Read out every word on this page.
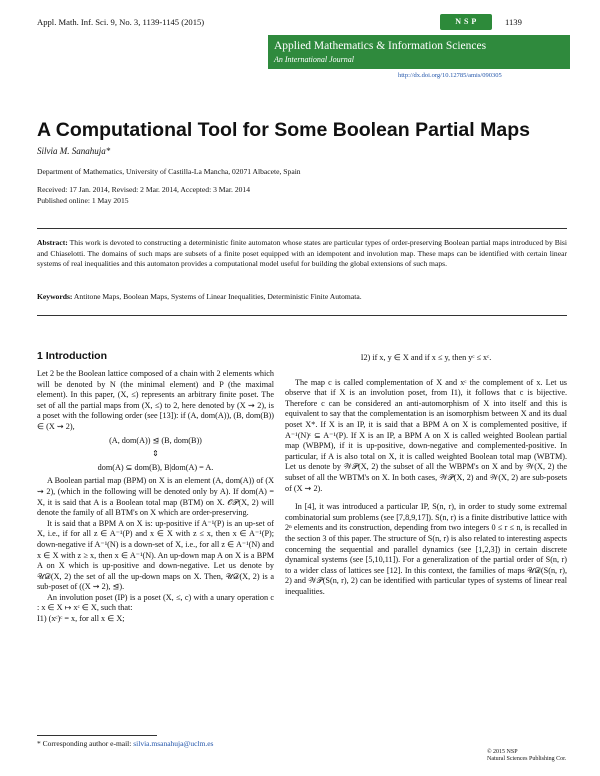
Appl. Math. Inf. Sci. 9, No. 3, 1139-1145 (2015)	N S P	1139
Applied Mathematics & Information Sciences
An International Journal
http://dx.doi.org/10.12785/amis/090305
A Computational Tool for Some Boolean Partial Maps
Silvia M. Sanahuja*
Department of Mathematics, University of Castilla-La Mancha, 02071 Albacete, Spain
Received: 17 Jan. 2014, Revised: 2 Mar. 2014, Accepted: 3 Mar. 2014
Published online: 1 May 2015
Abstract: This work is devoted to constructing a deterministic finite automaton whose states are particular types of order-preserving Boolean partial maps introduced by Bisi and Chiaselotti. The domains of such maps are subsets of a finite poset equipped with an idempotent and involution map. These maps can be identified with certain linear systems of real inequalities and this automaton provides a computational model useful for building the global extensions of such maps.
Keywords: Antitone Maps, Boolean Maps, Systems of Linear Inequalities, Deterministic Finite Automata.
1 Introduction

Let 2 be the Boolean lattice composed of a chain with 2 elements which will be denoted by N (the minimal element) and P (the maximal element). In this paper, (X, ≤) represents an arbitrary finite poset. The set of all the partial maps from (X, ≤) to 2, here denoted by (X ⇝ 2), is a poset with the following order (see [13]): if (A, dom(A)), (B, dom(B)) ∈ (X ⇝ 2),

(A, dom(A)) ⊴ (B, dom(B))

⇕

dom(A) ⊆ dom(B), B|dom(A) = A.

A Boolean partial map (BPM) on X is an element (A, dom(A)) of (X ⇝ 2), (which in the following will be denoted only by A). If dom(A) = X, it is said that A is a Boolean total map (BTM) on X. 𝒪𝒫(X, 2) will denote the family of all BTM's on X which are order-preserving.

It is said that a BPM A on X is: up-positive if A⁻¹(P) is an up-set of X, i.e., if for all z ∈ A⁻¹(P) and x ∈ X with z ≤ x, then x ∈ A⁻¹(P); down-negative if A⁻¹(N) is a down-set of X, i.e., for all z ∈ A⁻¹(N) and x ∈ X with z ≥ x, then x ∈ A⁻¹(N). An up-down map A on X is a BPM A on X which is up-positive and down-negative. Let us denote by 𝒰𝒟(X, 2) the set of all the up-down maps on X. Then, 𝒰𝒟(X, 2) is a sub-poset of ((X ⇝ 2), ⊴).

An involution poset (IP) is a poset (X, ≤, c) with a unary operation c : x ∈ X ↦ xᶜ ∈ X, such that:

I1) (xᶜ)ᶜ = x, for all x ∈ X;

I2) if x, y ∈ X and if x ≤ y, then yᶜ ≤ xᶜ.

The map c is called complementation of X and xᶜ the complement of x. Let us observe that if X is an involution poset, from I1), it follows that c is bijective. Therefore c can be considered an anti-automorphism of X into itself and this is equivalent to say that the complementation is an isomorphism between X and its dual poset X*. If X is an IP, it is said that a BPM A on X is complemented positive, if A⁻¹(N)ᶜ ⊆ A⁻¹(P). If X is an IP, a BPM A on X is called weighted Boolean partial map (WBPM), if it is up-positive, down-negative and complemented-positive. In particular, if A is also total on X, it is called weighted Boolean total map (WBTM). Let us denote by 𝒲𝒫(X, 2) the subset of all the WBPM's on X and by 𝒲(X, 2) the subset of all the WBTM's on X. In both cases, 𝒲𝒫(X, 2) and 𝒲(X, 2) are sub-posets of (X ⇝ 2).

In [4], it was introduced a particular IP, S(n, r), in order to study some extremal combinatorial sum problems (see [7,8,9,17]). S(n, r) is a finite distributive lattice with 2ⁿ elements and its construction, depending from two integers 0 ≤ r ≤ n, is recalled in the section 3 of this paper. The structure of S(n, r) is also related to interesting aspects concerning the sequential and parallel dynamics (see [1,2,3]) in certain discrete dynamical systems (see [5,10,11]). For a generalization of the partial order of S(n, r) to a wider class of lattices see [12]. In this context, the families of maps 𝒰𝒟(S(n, r), 2) and 𝒲𝒫(S(n, r), 2) can be identified with particular types of systems of linear real inequalities.

* Corresponding author e-mail: silvia.msanahuja@uclm.es
© 2015 NSP
Natural Sciences Publishing Cor.
